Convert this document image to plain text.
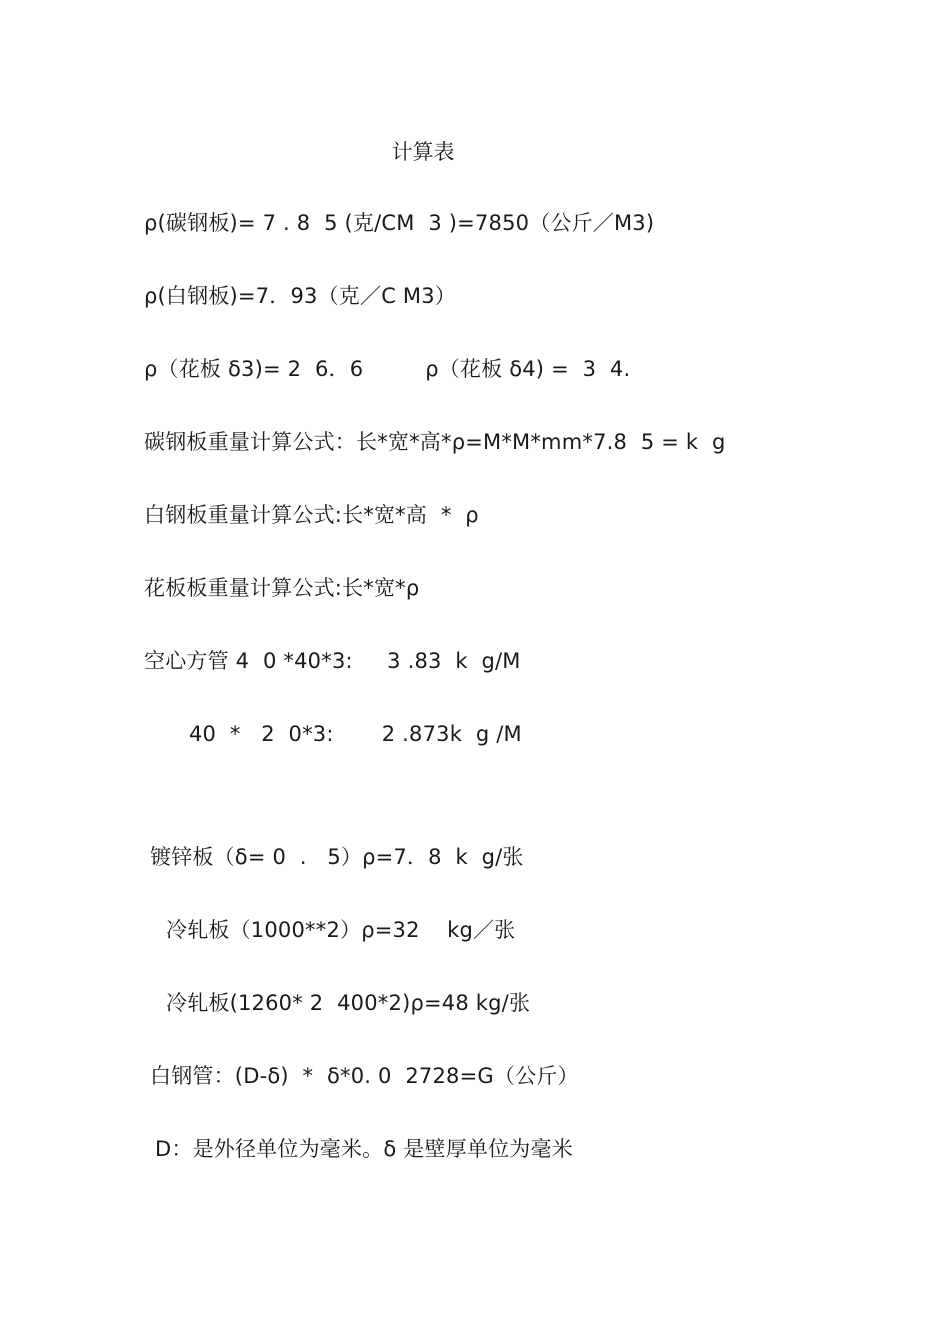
计算表
ρ(碳钢板)= 7 . 8  5 (克/CM  3 )=7850（公斤／M3)
ρ(白钢板)=7．93（克／C M3）
ρ（花板 δ3)= 2  6．6         ρ（花板 δ4) =  3  4.
碳钢板重量计算公式：长*宽*高*ρ=M*M*mm*7.8  5 = k  g
白钢板重量计算公式:长*宽*高  *  ρ
花板板重量计算公式:长*宽*ρ
空心方管 4  0 *40*3:     3 .83  k  g/M
40  *   2  0*3:       2 .873k  g /M
镀锌板（δ= 0  .   5）ρ=7．8  k  g/张
冷轧板（1000**2）ρ=32    kg／张
冷轧板(1260* 2  400*2)ρ=48 kg/张
白钢管：(D-δ)  *  δ*0. 0  2728=G（公斤）
D：是外径单位为毫米。δ 是壁厚单位为毫米
